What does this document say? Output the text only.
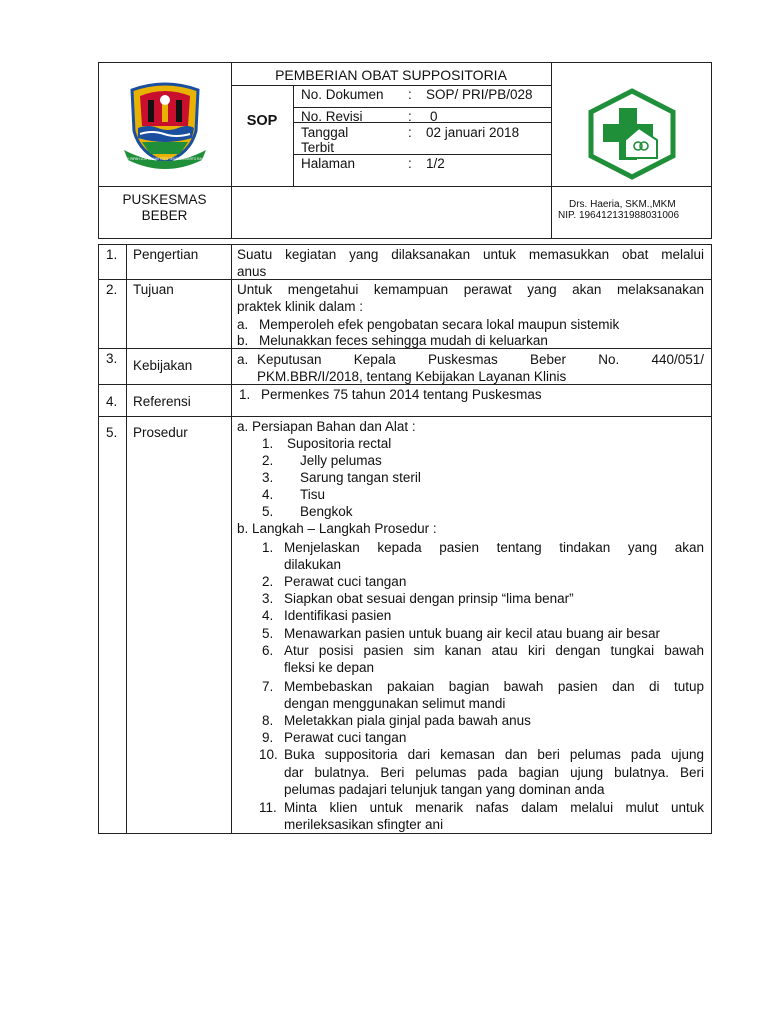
GEMAH RIPAH LOH JINAWI TOTO TENTREM KERTO RAHARJO
PEMBERIAN OBAT SUPPOSITORIA
SOP
No. Dokumen : SOP/ PRI/PB/028
No. Revisi	: 0
Tanggal
Terbit
: 02 januari 2018
Halaman	: 1/2
PUSKESMAS
BEBER
Drs. Haeria, SKM.,MKM
NIP. 196412131988031006
1. Pengertian	Suatu kegiatan yang dilaksanakan untuk memasukkan obat melalui
anus
2. Tujuan	Untuk mengetahui kemampuan perawat yang akan melaksanakan
praktek klinik dalam :
a. Memperoleh efek pengobatan secara lokal maupun sistemik
b. Melunakkan feces sehingga mudah di keluarkan
3. Kebijakan	a. Keputusan Kepala Puskesmas Beber No. 440/051/
PKM.BBR/I/2018, tentang Kebijakan Layanan Klinis
4. Referensi	1. Permenkes 75 tahun 2014 tentang Puskesmas
5. Prosedur	a. Persiapan Bahan dan Alat :
1. Supositoria rectal
2. Jelly pelumas
3. Sarung tangan steril
4. Tisu
5. Bengkok
b. Langkah – Langkah Prosedur :
1. Menjelaskan kepada pasien tentang tindakan yang akan
dilakukan
2. Perawat cuci tangan
3. Siapkan obat sesuai dengan prinsip “lima benar”
4. Identifikasi pasien
5. Menawarkan pasien untuk buang air kecil atau buang air besar
6. Atur posisi pasien sim kanan atau kiri dengan tungkai bawah
fleksi ke depan
7. Membebaskan pakaian bagian bawah pasien dan di tutup
dengan menggunakan selimut mandi
8. Meletakkan piala ginjal pada bawah anus
9. Perawat cuci tangan
10. Buka suppositoria dari kemasan dan beri pelumas pada ujung
dar bulatnya. Beri pelumas pada bagian ujung bulatnya. Beri
pelumas padajari telunjuk tangan yang dominan anda
11. Minta klien untuk menarik nafas dalam melalui mulut untuk
merileksasikan sfingter ani
